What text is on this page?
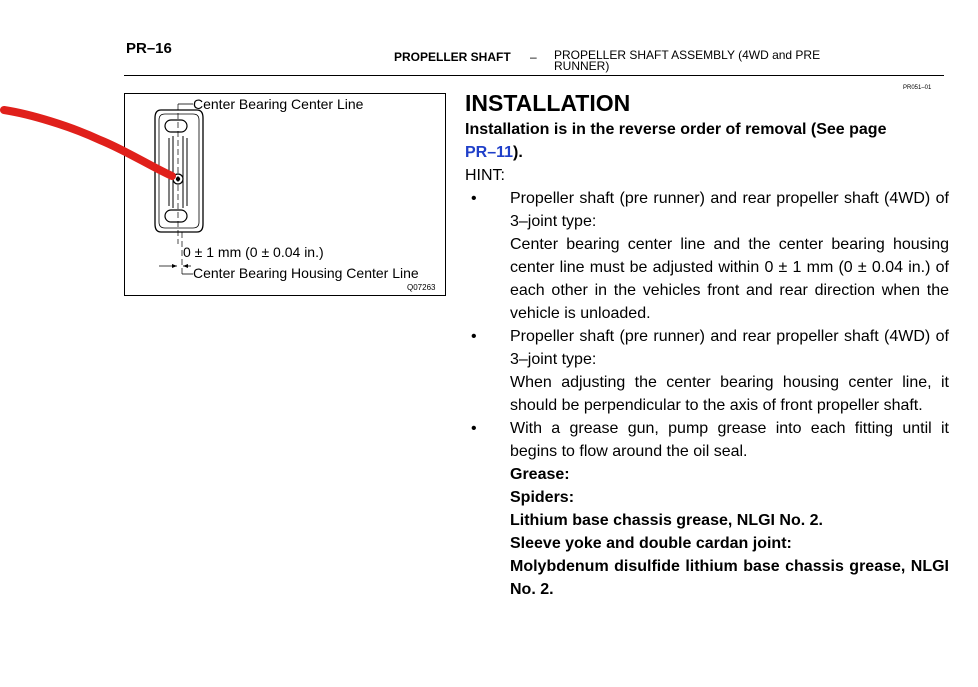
PR–16	PROPELLER SHAFT – PROPELLER SHAFT ASSEMBLY (4WD and PRE RUNNER)
PR051–01
Center Bearing Center Line
0 ± 1 mm (0 ± 0.04 in.)
Center Bearing Housing Center Line
Q07263
INSTALLATION

Installation is in the reverse order of removal (See page
PR–11).

HINT:

• Propeller shaft (pre runner) and rear propeller shaft (4WD) of 3–joint type:
Center bearing center line and the center bearing housing center line must be adjusted within 0 ± 1 mm (0 ± 0.04 in.) of each other in the vehicles front and rear direction when the vehicle is unloaded.
• Propeller shaft (pre runner) and rear propeller shaft (4WD) of 3–joint type:
When adjusting the center bearing housing center line, it should be perpendicular to the axis of front propeller shaft.
• With a grease gun, pump grease into each fitting until it begins to flow around the oil seal.
Grease:
Spiders:
Lithium base chassis grease, NLGI No. 2.
Sleeve yoke and double cardan joint:
Molybdenum disulfide lithium base chassis grease, NLGI No. 2.
